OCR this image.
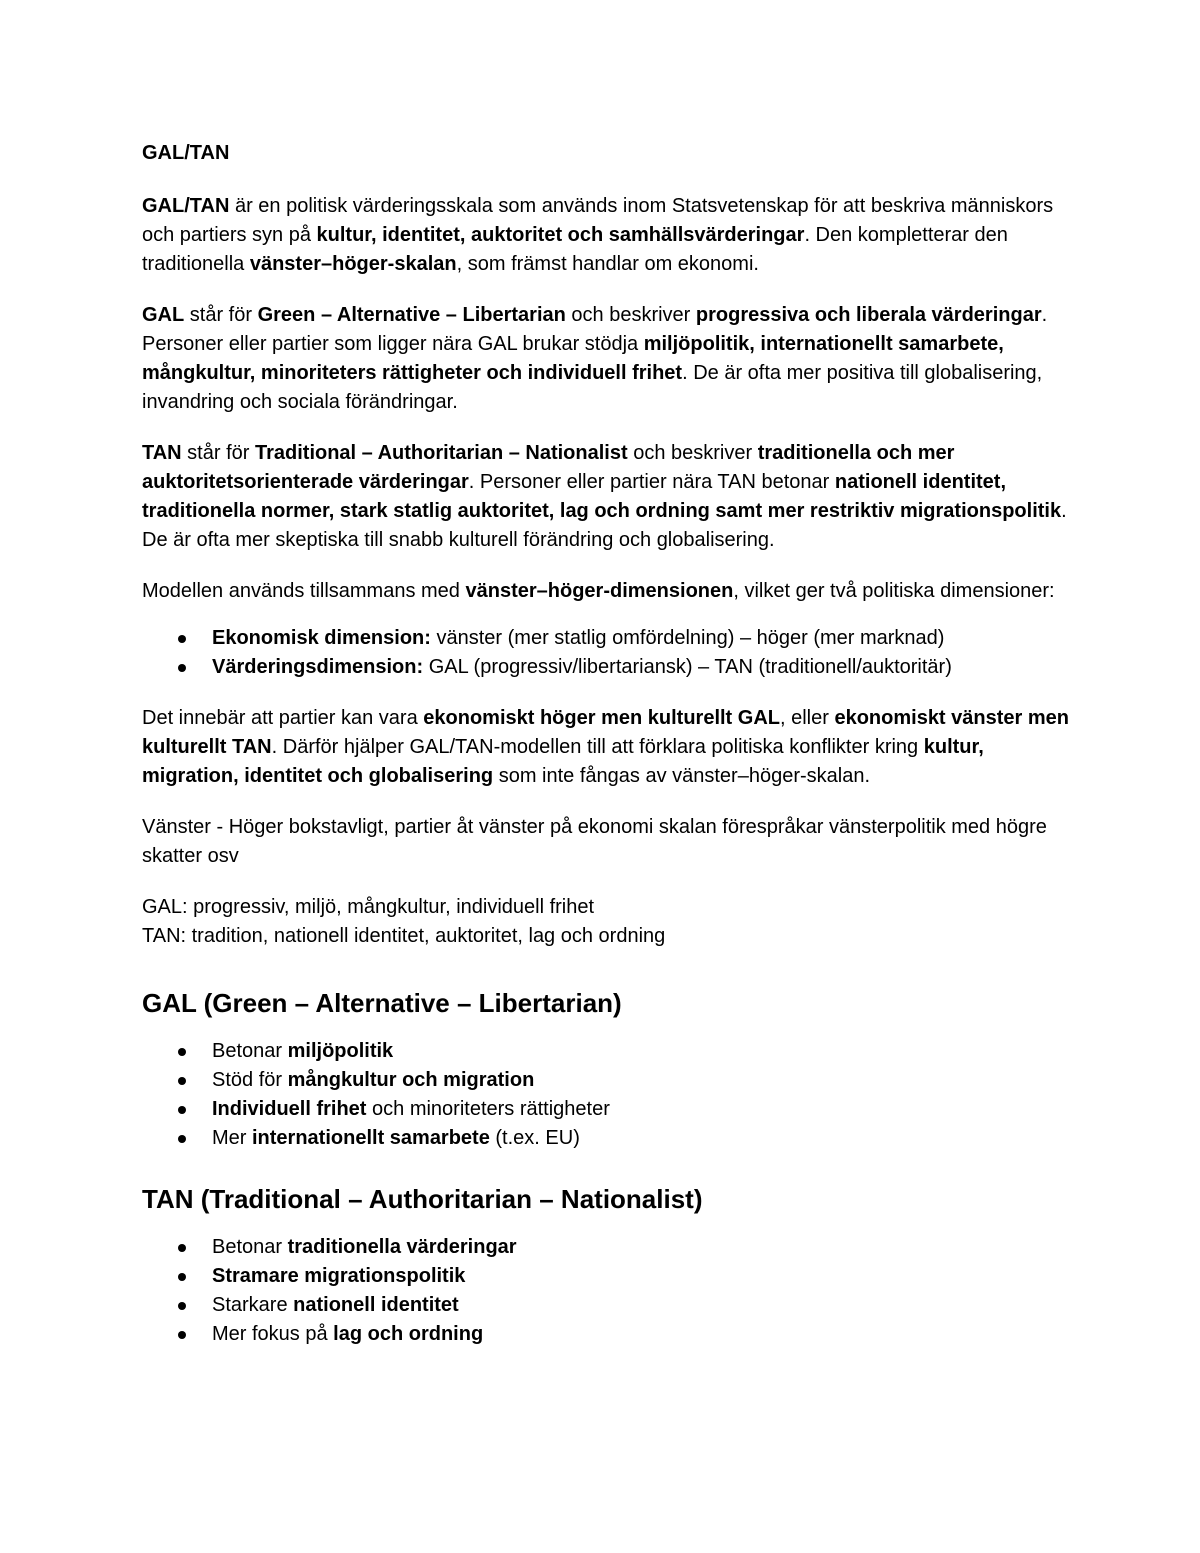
GAL/TAN

GAL/TAN är en politisk värderingsskala som används inom Statsvetenskap för att beskriva människors och partiers syn på kultur, identitet, auktoritet och samhällsvärderingar. Den kompletterar den traditionella vänster–höger-skalan, som främst handlar om ekonomi.

GAL står för Green – Alternative – Libertarian och beskriver progressiva och liberala värderingar. Personer eller partier som ligger nära GAL brukar stödja miljöpolitik, internationellt samarbete, mångkultur, minoriteters rättigheter och individuell frihet. De är ofta mer positiva till globalisering, invandring och sociala förändringar.

TAN står för Traditional – Authoritarian – Nationalist och beskriver traditionella och mer auktoritetsorienterade värderingar. Personer eller partier nära TAN betonar nationell identitet, traditionella normer, stark statlig auktoritet, lag och ordning samt mer restriktiv migrationspolitik. De är ofta mer skeptiska till snabb kulturell förändring och globalisering.

Modellen används tillsammans med vänster–höger-dimensionen, vilket ger två politiska dimensioner:

Ekonomisk dimension: vänster (mer statlig omfördelning) – höger (mer marknad)
Värderingsdimension: GAL (progressiv/libertariansk) – TAN (traditionell/auktoritär)

Det innebär att partier kan vara ekonomiskt höger men kulturellt GAL, eller ekonomiskt vänster men kulturellt TAN. Därför hjälper GAL/TAN-modellen till att förklara politiska konflikter kring kultur, migration, identitet och globalisering som inte fångas av vänster–höger-skalan.

Vänster - Höger bokstavligt, partier åt vänster på ekonomi skalan förespråkar vänsterpolitik med högre skatter osv

GAL: progressiv, miljö, mångkultur, individuell frihet

TAN: tradition, nationell identitet, auktoritet, lag och ordning

GAL (Green – Alternative – Libertarian)
Betonar miljöpolitik
Stöd för mångkultur och migration
Individuell frihet och minoriteters rättigheter
Mer internationellt samarbete (t.ex. EU)
TAN (Traditional – Authoritarian – Nationalist)
Betonar traditionella värderingar
Stramare migrationspolitik
Starkare nationell identitet
Mer fokus på lag och ordning
